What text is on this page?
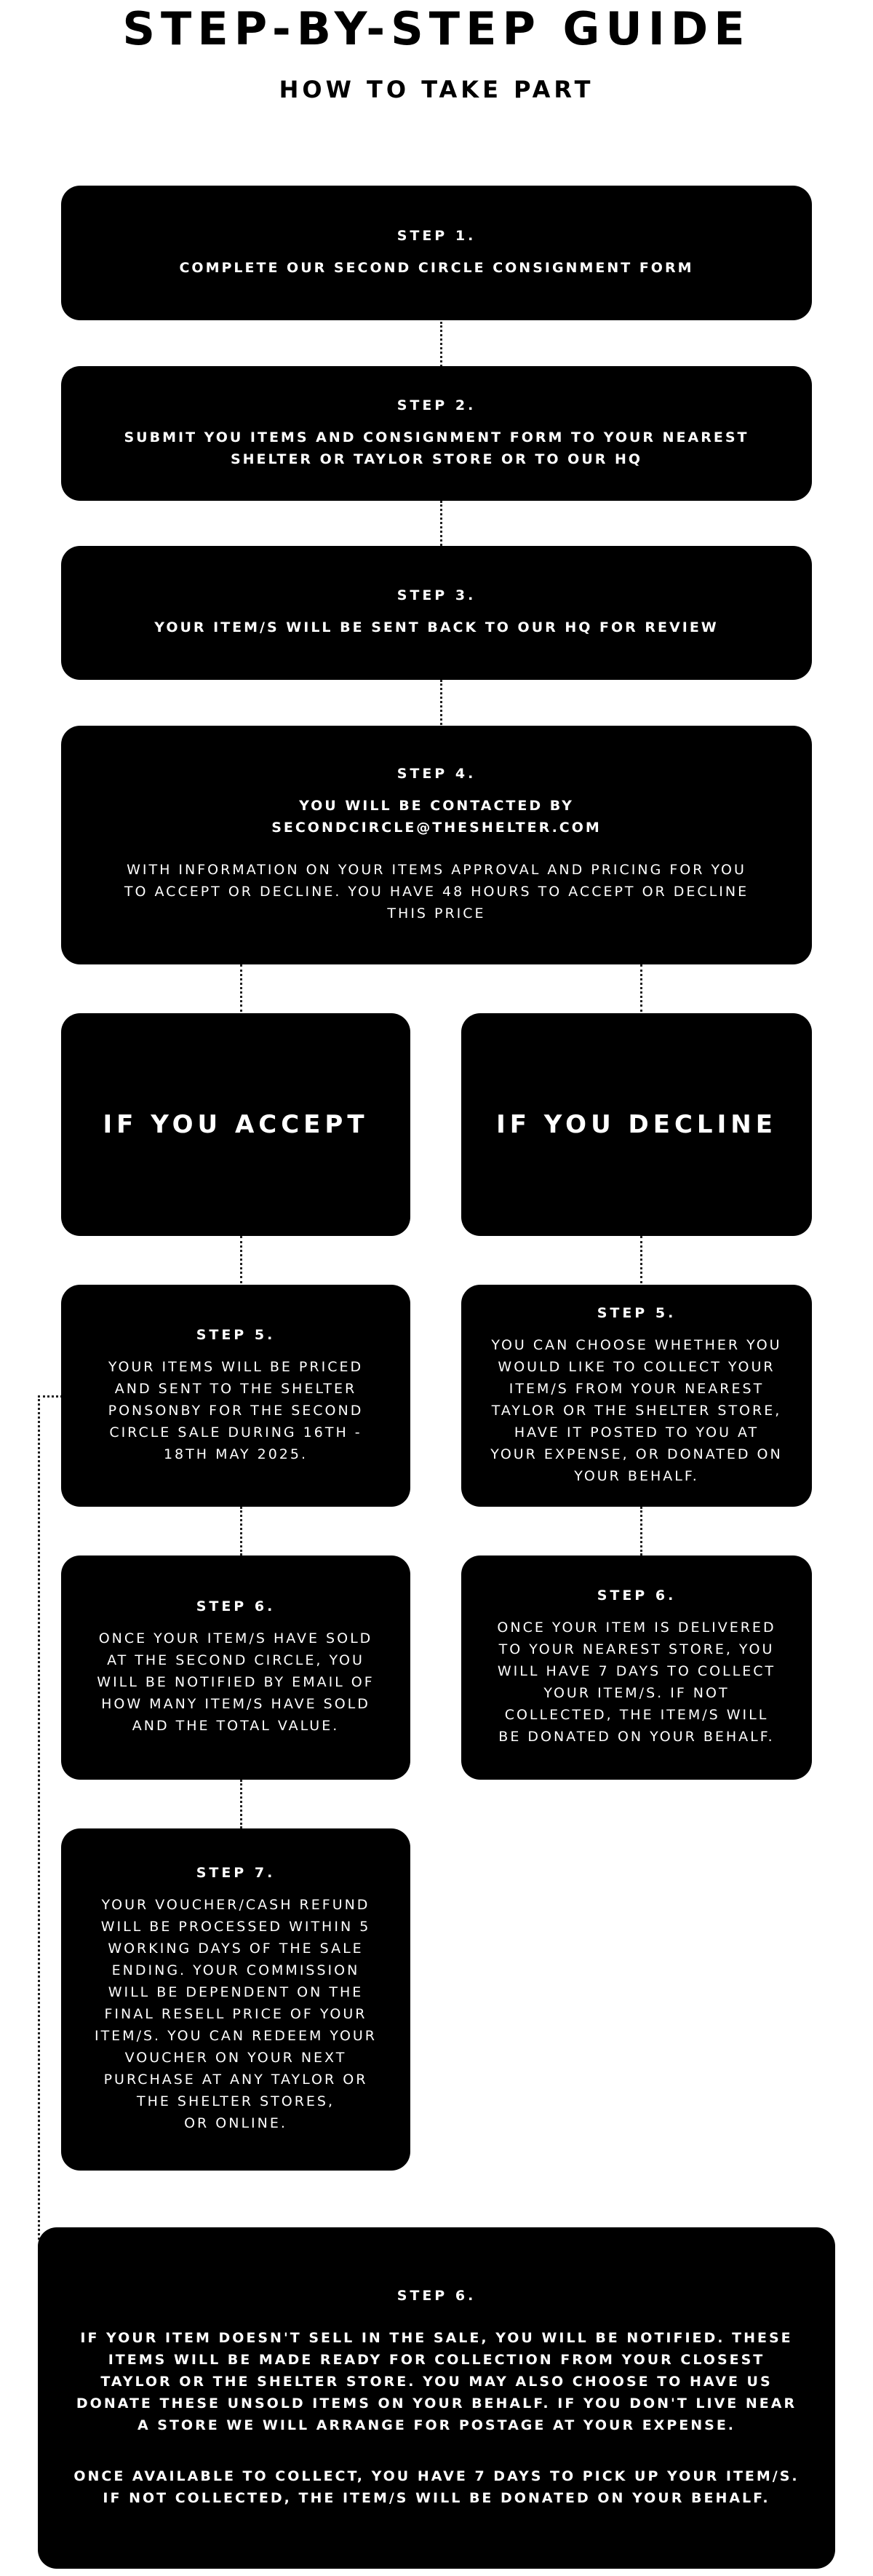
STEP-BY-STEP GUIDE
HOW TO TAKE PART
STEP 1.
COMPLETE OUR SECOND CIRCLE CONSIGNMENT FORM
STEP 2.
SUBMIT YOU ITEMS AND CONSIGNMENT FORM TO YOUR NEAREST
SHELTER OR TAYLOR STORE OR TO OUR HQ
STEP 3.
YOUR ITEM/S WILL BE SENT BACK TO OUR HQ FOR REVIEW
STEP 4.
YOU WILL BE CONTACTED BY
SECONDCIRCLE@THESHELTER.COM
WITH INFORMATION ON YOUR ITEMS APPROVAL AND PRICING FOR YOU
TO ACCEPT OR DECLINE. YOU HAVE 48 HOURS TO ACCEPT OR DECLINE
THIS PRICE
IF YOU ACCEPT	IF YOU DECLINE
STEP 5.
YOUR ITEMS WILL BE PRICED
AND SENT TO THE SHELTER
PONSONBY FOR THE SECOND
CIRCLE SALE DURING 16TH -
18TH MAY 2025.
STEP 5.
YOU CAN CHOOSE WHETHER YOU
WOULD LIKE TO COLLECT YOUR
ITEM/S FROM YOUR NEAREST
TAYLOR OR THE SHELTER STORE,
HAVE IT POSTED TO YOU AT
YOUR EXPENSE, OR DONATED ON
YOUR BEHALF.
STEP 6.
ONCE YOUR ITEM/S HAVE SOLD
AT THE SECOND CIRCLE, YOU
WILL BE NOTIFIED BY EMAIL OF
HOW MANY ITEM/S HAVE SOLD
AND THE TOTAL VALUE.
STEP 6.
ONCE YOUR ITEM IS DELIVERED
TO YOUR NEAREST STORE, YOU
WILL HAVE 7 DAYS TO COLLECT
YOUR ITEM/S. IF NOT
COLLECTED, THE ITEM/S WILL
BE DONATED ON YOUR BEHALF.
STEP 7.
YOUR VOUCHER/CASH REFUND
WILL BE PROCESSED WITHIN 5
WORKING DAYS OF THE SALE
ENDING. YOUR COMMISSION
WILL BE DEPENDENT ON THE
FINAL RESELL PRICE OF YOUR
ITEM/S. YOU CAN REDEEM YOUR
VOUCHER ON YOUR NEXT
PURCHASE AT ANY TAYLOR OR
THE SHELTER STORES,
OR ONLINE.
STEP 6.
IF YOUR ITEM DOESN'T SELL IN THE SALE, YOU WILL BE NOTIFIED. THESE
ITEMS WILL BE MADE READY FOR COLLECTION FROM YOUR CLOSEST
TAYLOR OR THE SHELTER STORE. YOU MAY ALSO CHOOSE TO HAVE US
DONATE THESE UNSOLD ITEMS ON YOUR BEHALF. IF YOU DON'T LIVE NEAR
A STORE WE WILL ARRANGE FOR POSTAGE AT YOUR EXPENSE.
ONCE AVAILABLE TO COLLECT, YOU HAVE 7 DAYS TO PICK UP YOUR ITEM/S.
IF NOT COLLECTED, THE ITEM/S WILL BE DONATED ON YOUR BEHALF.
